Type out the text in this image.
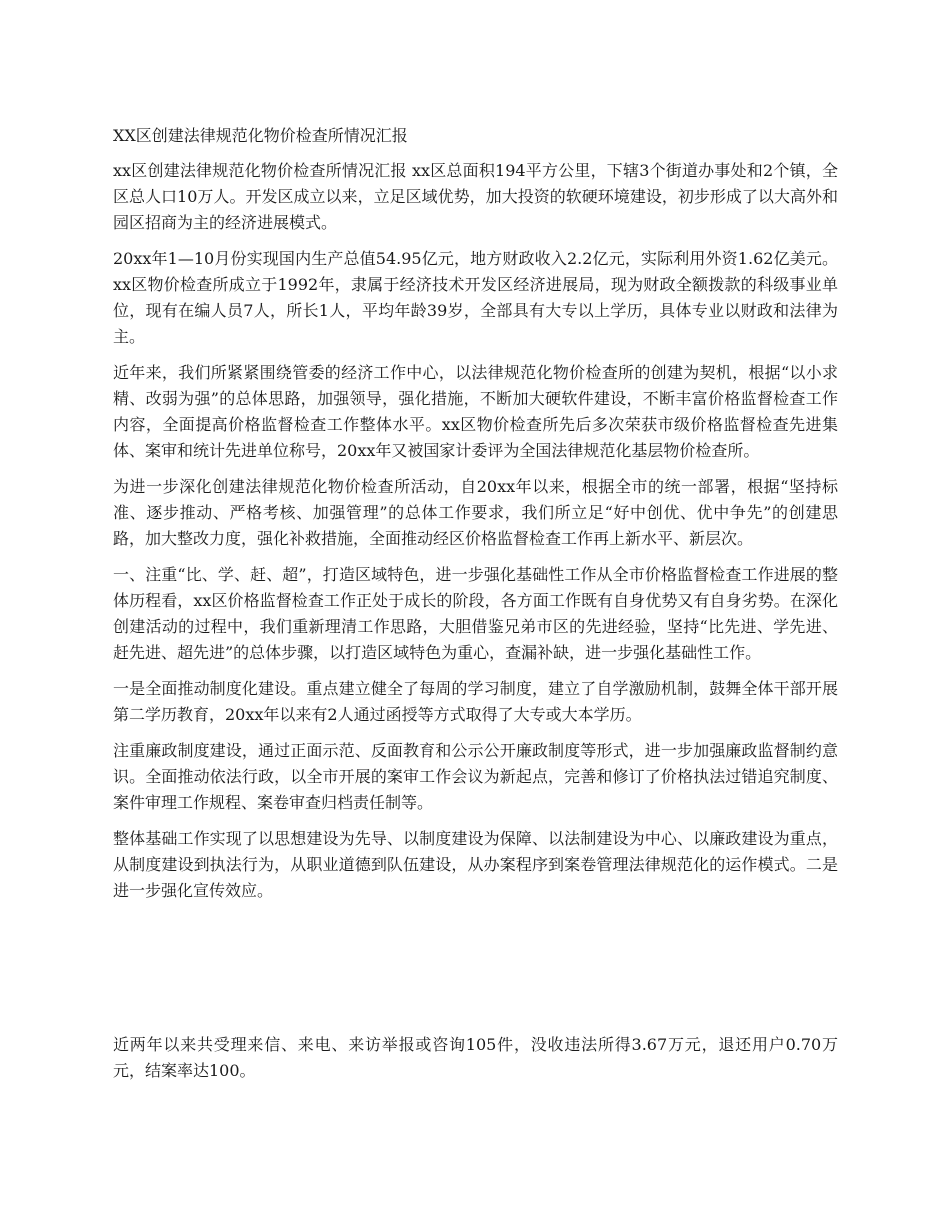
XX区创建法律规范化物价检查所情况汇报

xx区创建法律规范化物价检查所情况汇报 xx区总面积194平方公里，下辖3个街道办事处和2个镇，全区总人口10万人。开发区成立以来，立足区域优势，加大投资的软硬环境建设，初步形成了以大高外和园区招商为主的经济进展模式。

20xx年1—10月份实现国内生产总值54.95亿元，地方财政收入2.2亿元，实际利用外资1.62亿美元。xx区物价检查所成立于1992年，隶属于经济技术开发区经济进展局，现为财政全额拨款的科级事业单位，现有在编人员7人，所长1人，平均年龄39岁，全部具有大专以上学历，具体专业以财政和法律为主。

近年来，我们所紧紧围绕管委的经济工作中心，以法律规范化物价检查所的创建为契机，根据“以小求精、改弱为强”的总体思路，加强领导，强化措施，不断加大硬软件建设，不断丰富价格监督检查工作内容，全面提高价格监督检查工作整体水平。xx区物价检查所先后多次荣获市级价格监督检查先进集体、案审和统计先进单位称号，20xx年又被国家计委评为全国法律规范化基层物价检查所。

为进一步深化创建法律规范化物价检查所活动，自20xx年以来，根据全市的统一部署，根据“坚持标准、逐步推动、严格考核、加强管理”的总体工作要求，我们所立足“好中创优、优中争先”的创建思路，加大整改力度，强化补救措施，全面推动经区价格监督检查工作再上新水平、新层次。

一、注重“比、学、赶、超”，打造区域特色，进一步强化基础性工作从全市价格监督检查工作进展的整体历程看，xx区价格监督检查工作正处于成长的阶段，各方面工作既有自身优势又有自身劣势。在深化创建活动的过程中，我们重新理清工作思路，大胆借鉴兄弟市区的先进经验，坚持“比先进、学先进、赶先进、超先进”的总体步骤，以打造区域特色为重心，查漏补缺，进一步强化基础性工作。

一是全面推动制度化建设。重点建立健全了每周的学习制度，建立了自学激励机制，鼓舞全体干部开展第二学历教育，20xx年以来有2人通过函授等方式取得了大专或大本学历。

注重廉政制度建设，通过正面示范、反面教育和公示公开廉政制度等形式，进一步加强廉政监督制约意识。全面推动依法行政，以全市开展的案审工作会议为新起点，完善和修订了价格执法过错追究制度、案件审理工作规程、案卷审查归档责任制等。

整体基础工作实现了以思想建设为先导、以制度建设为保障、以法制建设为中心、以廉政建设为重点，从制度建设到执法行为，从职业道德到队伍建设，从办案程序到案卷管理法律规范化的运作模式。二是进一步强化宣传效应。

近两年以来共受理来信、来电、来访举报或咨询105件，没收违法所得3.67万元，退还用户0.70万元，结案率达100。
